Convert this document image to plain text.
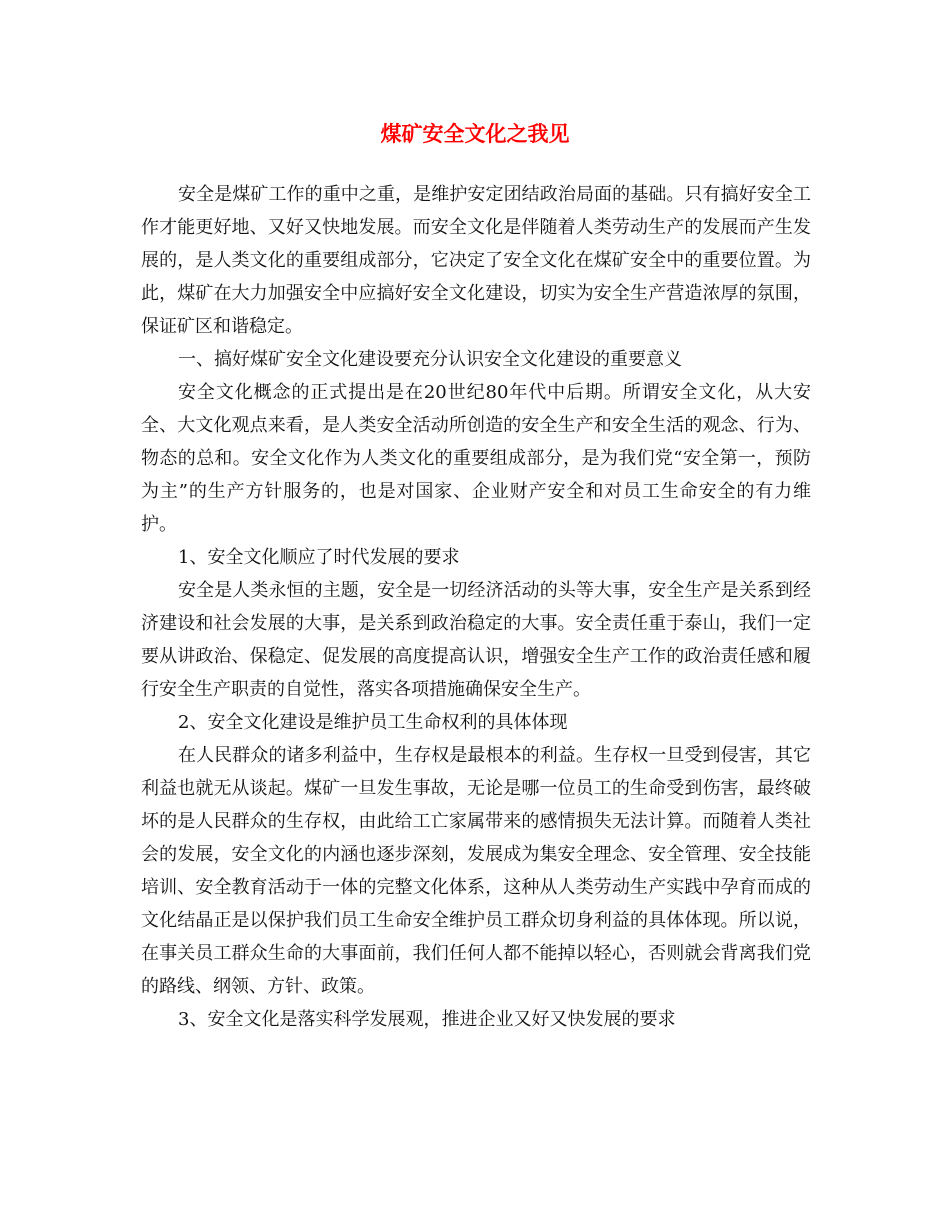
煤矿安全文化之我见

安全是煤矿工作的重中之重，是维护安定团结政治局面的基础。只有搞好安全工作才能更好地、又好又快地发展。而安全文化是伴随着人类劳动生产的发展而产生发展的，是人类文化的重要组成部分，它决定了安全文化在煤矿安全中的重要位置。为此，煤矿在大力加强安全中应搞好安全文化建设，切实为安全生产营造浓厚的氛围，保证矿区和谐稳定。

一、搞好煤矿安全文化建设要充分认识安全文化建设的重要意义

安全文化概念的正式提出是在20世纪80年代中后期。所谓安全文化，从大安全、大文化观点来看，是人类安全活动所创造的安全生产和安全生活的观念、行为、物态的总和。安全文化作为人类文化的重要组成部分，是为我们党“安全第一，预防为主”的生产方针服务的，也是对国家、企业财产安全和对员工生命安全的有力维护。

1、安全文化顺应了时代发展的要求

安全是人类永恒的主题，安全是一切经济活动的头等大事，安全生产是关系到经济建设和社会发展的大事，是关系到政治稳定的大事。安全责任重于泰山，我们一定要从讲政治、保稳定、促发展的高度提高认识，增强安全生产工作的政治责任感和履行安全生产职责的自觉性，落实各项措施确保安全生产。

2、安全文化建设是维护员工生命权利的具体体现

在人民群众的诸多利益中，生存权是最根本的利益。生存权一旦受到侵害，其它利益也就无从谈起。煤矿一旦发生事故，无论是哪一位员工的生命受到伤害，最终破坏的是人民群众的生存权，由此给工亡家属带来的感情损失无法计算。而随着人类社会的发展，安全文化的内涵也逐步深刻，发展成为集安全理念、安全管理、安全技能培训、安全教育活动于一体的完整文化体系，这种从人类劳动生产实践中孕育而成的文化结晶正是以保护我们员工生命安全维护员工群众切身利益的具体体现。所以说，在事关员工群众生命的大事面前，我们任何人都不能掉以轻心，否则就会背离我们党的路线、纲领、方针、政策。

3、安全文化是落实科学发展观，推进企业又好又快发展的要求
